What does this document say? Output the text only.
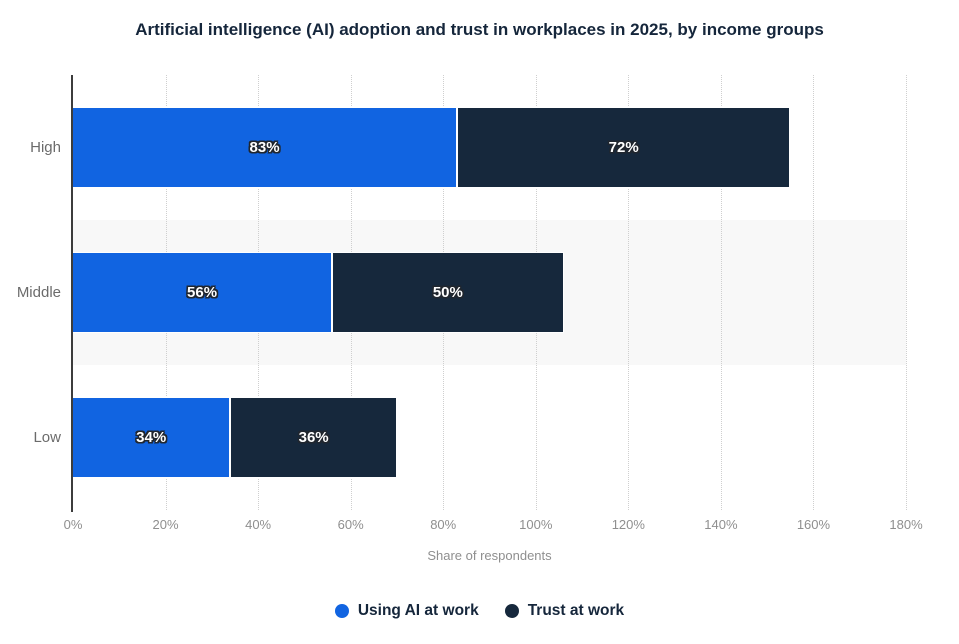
Artificial intelligence (AI) adoption and trust in workplaces in 2025, by income groups
High	83%	72%
Middle	56%	50%
Low	34%	36%
0%	20%	40%	60%	80%	100%	120%	140%	160%	180%
Share of respondents
Using AI at work	Trust at work
